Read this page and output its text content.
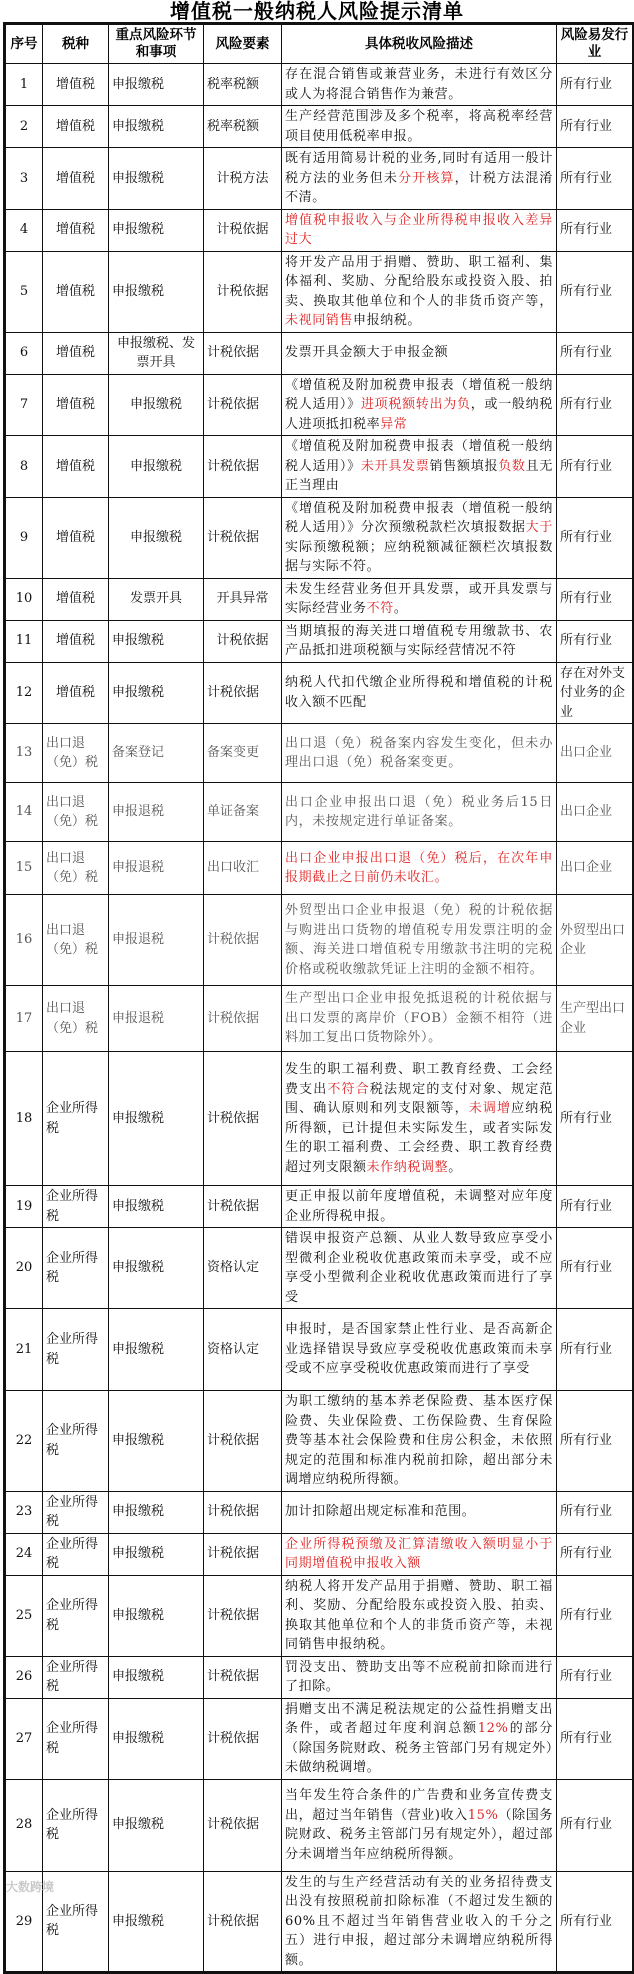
增值税一般纳税人风险提示清单
序号	税种	重点风险环节和事项	风险要素	具体税收风险描述	风险易发行业
1	增值税	申报缴税	税率税额	存在混合销售或兼营业务，未进行有效区分或人为将混合销售作为兼营。	所有行业
2	增值税	申报缴税	税率税额	生产经营范围涉及多个税率，将高税率经营项目使用低税率申报。	所有行业
3	增值税	申报缴税	计税方法	既有适用简易计税的业务,同时有适用一般计税方法的业务但未分开核算，计税方法混淆不清。	所有行业
4	增值税	申报缴税	计税依据	增值税申报收入与企业所得税申报收入差异过大	所有行业
5	增值税	申报缴税	计税依据	将开发产品用于捐赠、赞助、职工福利、集体福利、奖励、分配给股东或投资入股、拍卖、换取其他单位和个人的非货币资产等，未视同销售申报纳税。	所有行业
6	增值税	申报缴税、发票开具	计税依据	发票开具金额大于申报金额	所有行业
7	增值税	申报缴税	计税依据	《增值税及附加税费申报表（增值税一般纳税人适用）》进项税额转出为负，或一般纳税人进项抵扣税率异常	所有行业
8	增值税	申报缴税	计税依据	《增值税及附加税费申报表（增值税一般纳税人适用）》未开具发票销售额填报负数且无正当理由	所有行业
9	增值税	申报缴税	计税依据	《增值税及附加税费申报表（增值税一般纳税人适用）》分次预缴税款栏次填报数据大于实际预缴税额；应纳税额减征额栏次填报数据与实际不符。	所有行业
10	增值税	发票开具	开具异常	未发生经营业务但开具发票，或开具发票与实际经营业务不符。	所有行业
11	增值税	申报缴税	计税依据	当期填报的海关进口增值税专用缴款书、农产品抵扣进项税额与实际经营情况不符	所有行业
12	增值税	申报缴税	计税依据	纳税人代扣代缴企业所得税和增值税的计税收入额不匹配	存在对外支付业务的企业
13	出口退（免）税	备案登记	备案变更	出口退（免）税备案内容发生变化，但未办理出口退（免）税备案变更。	出口企业
14	出口退（免）税	申报退税	单证备案	出口企业申报出口退（免）税业务后15日内，未按规定进行单证备案。	出口企业
15	出口退（免）税	申报退税	出口收汇	出口企业申报出口退（免）税后，在次年申报期截止之日前仍未收汇。	出口企业
16	出口退（免）税	申报退税	计税依据	外贸型出口企业申报退（免）税的计税依据与购进出口货物的增值税专用发票注明的金额、海关进口增值税专用缴款书注明的完税价格或税收缴款凭证上注明的金额不相符。	外贸型出口企业
17	出口退（免）税	申报退税	计税依据	生产型出口企业申报免抵退税的计税依据与出口发票的离岸价（FOB）金额不相符（进料加工复出口货物除外）。	生产型出口企业
18	企业所得税	申报缴税	计税依据	发生的职工福利费、职工教育经费、工会经费支出不符合税法规定的支付对象、规定范围、确认原则和列支限额等，未调增应纳税所得额，已计提但未实际发生，或者实际发生的职工福利费、工会经费、职工教育经费超过列支限额未作纳税调整。	所有行业
19	企业所得税	申报缴税	计税依据	更正申报以前年度增值税，未调整对应年度企业所得税申报。	所有行业
20	企业所得税	申报缴税	资格认定	错误申报资产总额、从业人数导致应享受小型微利企业税收优惠政策而未享受，或不应享受小型微利企业税收优惠政策而进行了享受	所有行业
21	企业所得税	申报缴税	资格认定	申报时，是否国家禁止性行业、是否高新企业选择错误导致应享受税收优惠政策而未享受或不应享受税收优惠政策而进行了享受	所有行业
22	企业所得税	申报缴税	计税依据	为职工缴纳的基本养老保险费、基本医疗保险费、失业保险费、工伤保险费、生育保险费等基本社会保险费和住房公积金，未依照规定的范围和标准内税前扣除，超出部分未调增应纳税所得额。	所有行业
23	企业所得税	申报缴税	计税依据	加计扣除超出规定标准和范围。	所有行业
24	企业所得税	申报缴税	计税依据	企业所得税预缴及汇算清缴收入额明显小于同期增值税申报收入额	所有行业
25	企业所得税	申报缴税	计税依据	纳税人将开发产品用于捐赠、赞助、职工福利、奖励、分配给股东或投资入股、拍卖、换取其他单位和个人的非货币资产等，未视同销售申报纳税。	所有行业
26	企业所得税	申报缴税	计税依据	罚没支出、赞助支出等不应税前扣除而进行了扣除。	所有行业
27	企业所得税	申报缴税	计税依据	捐赠支出不满足税法规定的公益性捐赠支出条件，或者超过年度利润总额12%的部分（除国务院财政、税务主管部门另有规定外）未做纳税调增。	所有行业
28	企业所得税	申报缴税	计税依据	当年发生符合条件的广告费和业务宣传费支出，超过当年销售（营业)收入15%（除国务院财政、税务主管部门另有规定外），超过部分未调增当年应纳税所得额。	所有行业
29	企业所得税	申报缴税	计税依据	发生的与生产经营活动有关的业务招待费支出没有按照税前扣除标准（不超过发生额的60%且不超过当年销售营业收入的千分之五）进行申报，超过部分未调增应纳税所得额。	所有行业
大数跨境
